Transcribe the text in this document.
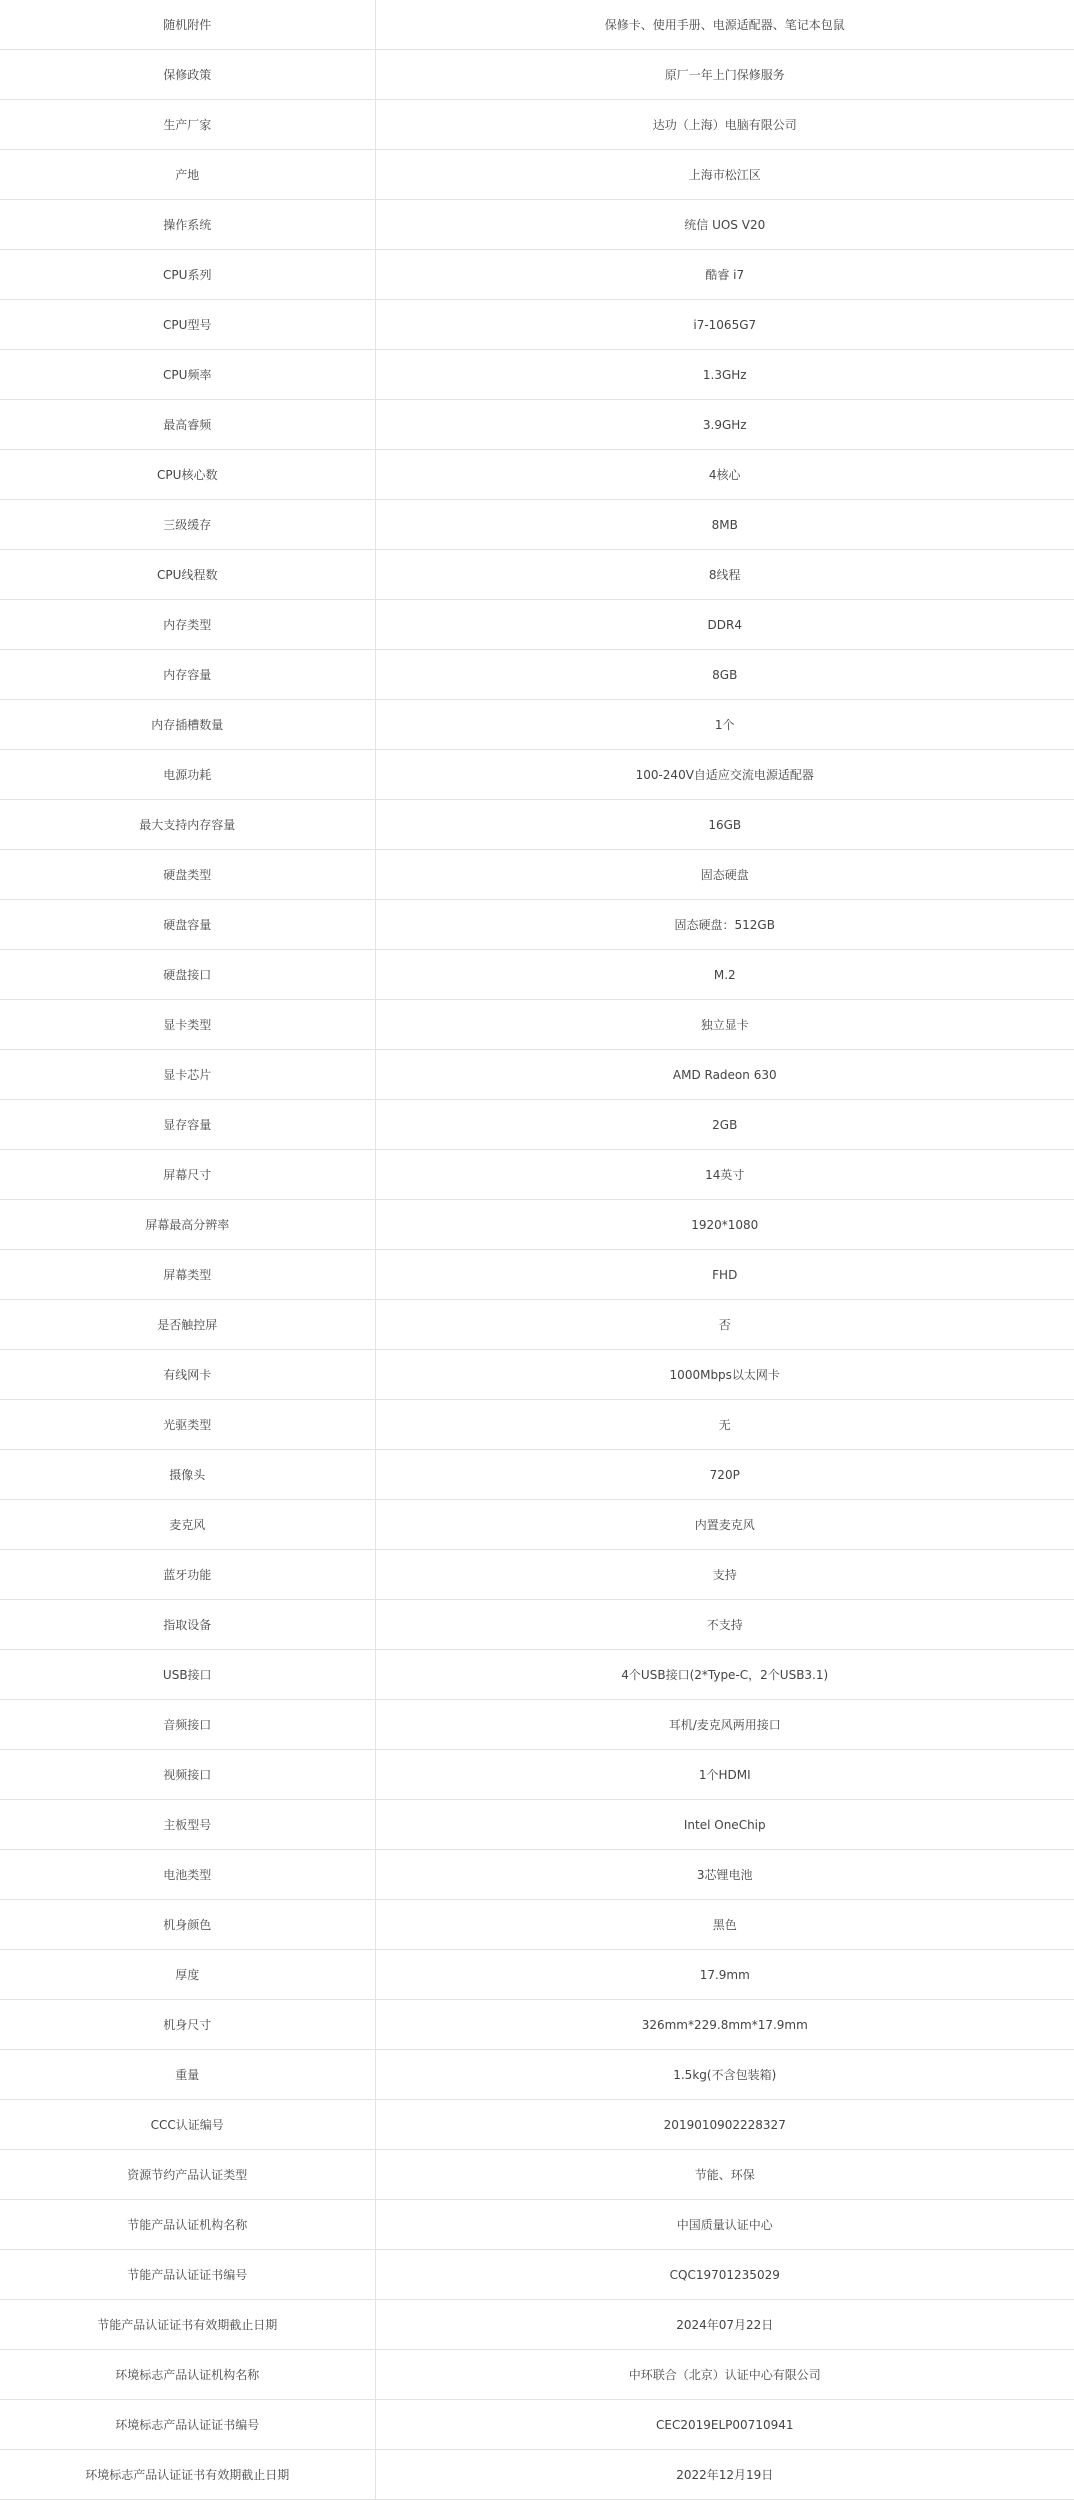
随机附件	保修卡、使用手册、电源适配器、笔记本包鼠
保修政策	原厂一年上门保修服务
生产厂家	达功（上海）电脑有限公司
产地	上海市松江区
操作系统	统信 UOS V20
CPU系列	酷睿 i7
CPU型号	i7-1065G7
CPU频率	1.3GHz
最高睿频	3.9GHz
CPU核心数	4核心
三级缓存	8MB
CPU线程数	8线程
内存类型	DDR4
内存容量	8GB
内存插槽数量	1个
电源功耗	100-240V自适应交流电源适配器
最大支持内存容量	16GB
硬盘类型	固态硬盘
硬盘容量	固态硬盘：512GB
硬盘接口	M.2
显卡类型	独立显卡
显卡芯片	AMD Radeon 630
显存容量	2GB
屏幕尺寸	14英寸
屏幕最高分辨率	1920*1080
屏幕类型	FHD
是否触控屏	否
有线网卡	1000Mbps以太网卡
光驱类型	无
摄像头	720P
麦克风	内置麦克风
蓝牙功能	支持
指取设备	不支持
USB接口	4个USB接口(2*Type-C，2个USB3.1)
音频接口	耳机/麦克风两用接口
视频接口	1个HDMI
主板型号	Intel OneChip
电池类型	3芯锂电池
机身颜色	黑色
厚度	17.9mm
机身尺寸	326mm*229.8mm*17.9mm
重量	1.5kg(不含包装箱)
CCC认证编号	2019010902228327
资源节约产品认证类型	节能、环保
节能产品认证机构名称	中国质量认证中心
节能产品认证证书编号	CQC19701235029
节能产品认证证书有效期截止日期	2024年07月22日
环境标志产品认证机构名称	中环联合（北京）认证中心有限公司
环境标志产品认证证书编号	CEC2019ELP00710941
环境标志产品认证证书有效期截止日期	2022年12月19日
